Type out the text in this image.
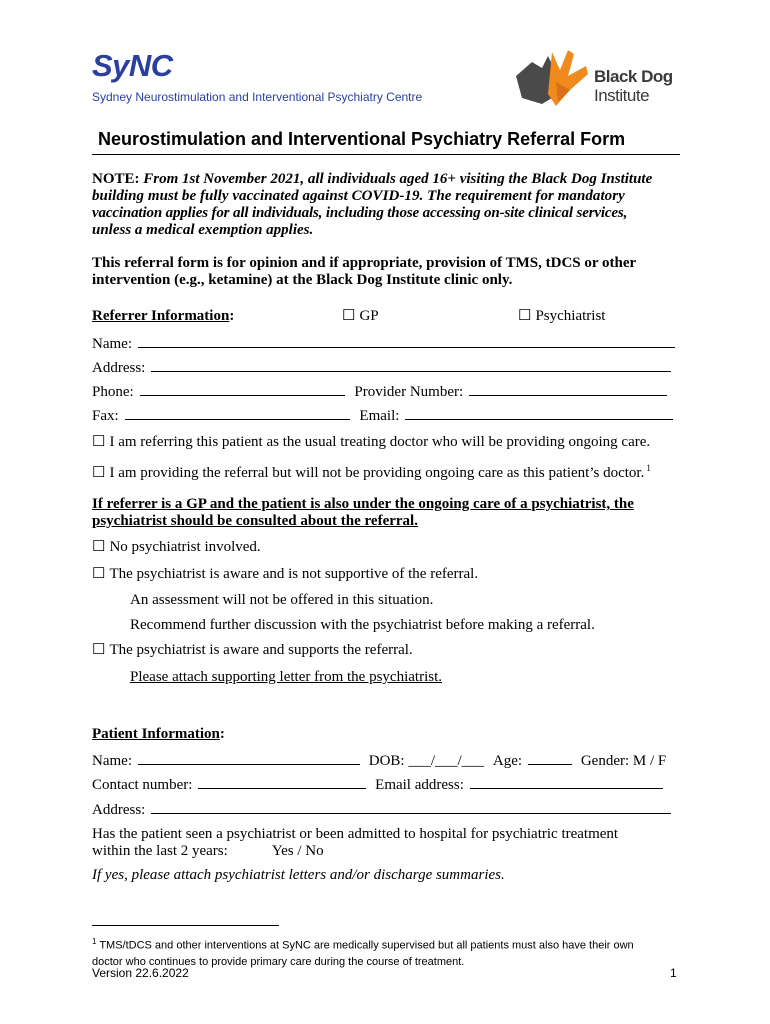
SyNC
Sydney Neurostimulation and Interventional Psychiatry Centre
Black Dog
Institute
Neurostimulation and Interventional Psychiatry Referral Form
NOTE: From 1st November 2021, all individuals aged 16+ visiting the Black Dog Institute
building must be fully vaccinated against COVID-19. The requirement for mandatory
vaccination applies for all individuals, including those accessing on-site clinical services,
unless a medical exemption applies.
This referral form is for opinion and if appropriate, provision of TMS, tDCS or other
intervention (e.g., ketamine) at the Black Dog Institute clinic only.
Referrer Information:	☐ GP	☐ Psychiatrist
Name:
Address:
Phone:	Provider Number:
Fax:	Email:
☐ I am referring this patient as the usual treating doctor who will be providing ongoing care.
☐ I am providing the referral but will not be providing ongoing care as this patient’s doctor. $^1$
If referrer is a GP and the patient is also under the ongoing care of a psychiatrist, the
psychiatrist should be consulted about the referral.
☐ No psychiatrist involved.
☐ The psychiatrist is aware and is not supportive of the referral.
An assessment will not be offered in this situation.
Recommend further discussion with the psychiatrist before making a referral.
☐ The psychiatrist is aware and supports the referral.
Please attach supporting letter from the psychiatrist.
Patient Information:
Name:	DOB: ___/___/___ Age:	Gender: M / F
Contact number:	Email address:
Address:
Has the patient seen a psychiatrist or been admitted to hospital for psychiatric treatment
within the last 2 years:	Yes / No
If yes, please attach psychiatrist letters and/or discharge summaries.
$^1$ TMS/tDCS and other interventions at SyNC are medically supervised but all patients must also have their own
doctor who continues to provide primary care during the course of treatment.
Version 22.6.2022	1
